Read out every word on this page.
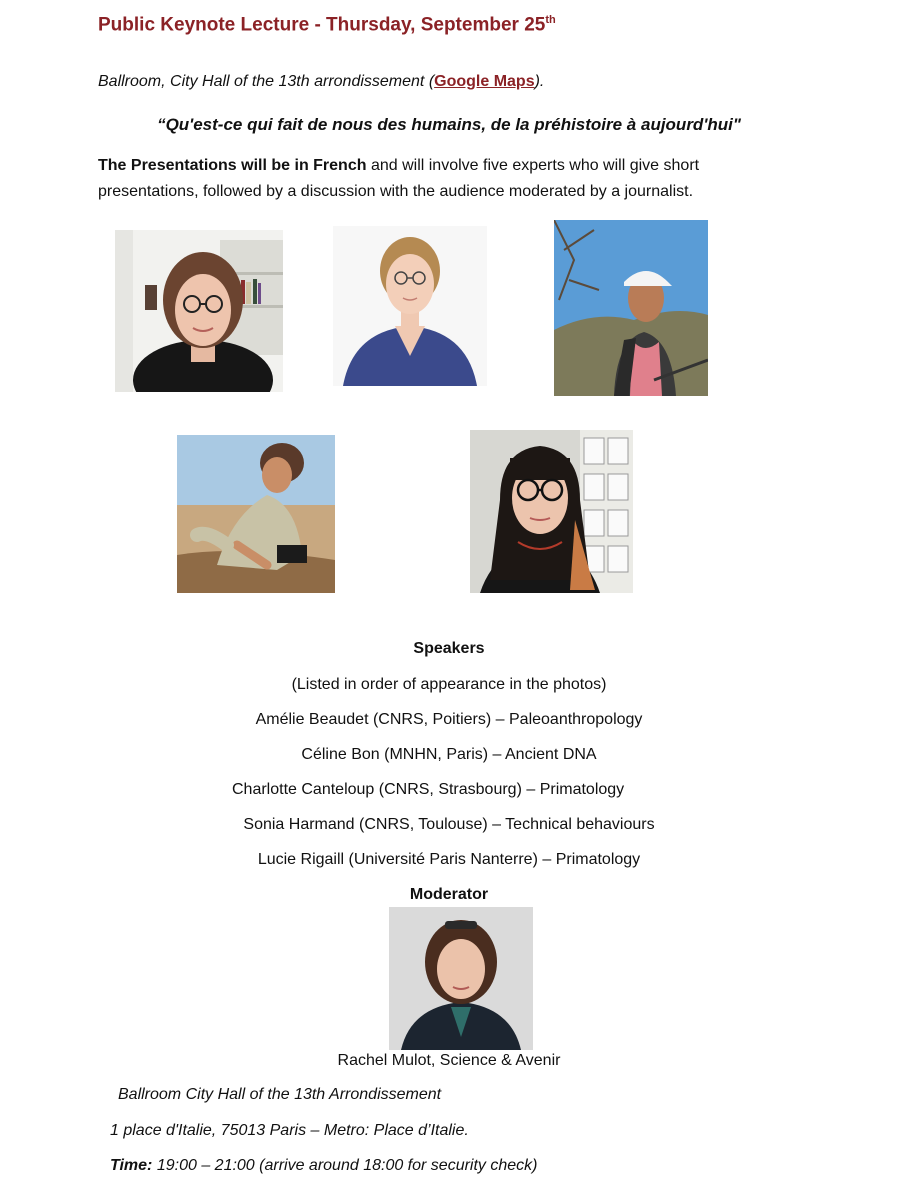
Public Keynote Lecture - Thursday, September 25th
Ballroom, City Hall of the 13th arrondissement (Google Maps).
“Qu'est-ce qui fait de nous des humains, de la préhistoire à aujourd'hui"
The Presentations will be in French and will involve five experts who will give short
presentations, followed by a discussion with the audience moderated by a journalist.
Speakers
(Listed in order of appearance in the photos)
Amélie Beaudet (CNRS, Poitiers) – Paleoanthropology
Céline Bon (MNHN, Paris) – Ancient DNA
Charlotte Canteloup (CNRS, Strasbourg) – Primatology
Sonia Harmand (CNRS, Toulouse) – Technical behaviours
Lucie Rigaill (Université Paris Nanterre) – Primatology
Moderator
Rachel Mulot, Science & Avenir
Ballroom City Hall of the 13th Arrondissement
1 place d'Italie, 75013 Paris – Metro: Place d’Italie.
Time: 19:00 – 21:00 (arrive around 18:00 for security check)
